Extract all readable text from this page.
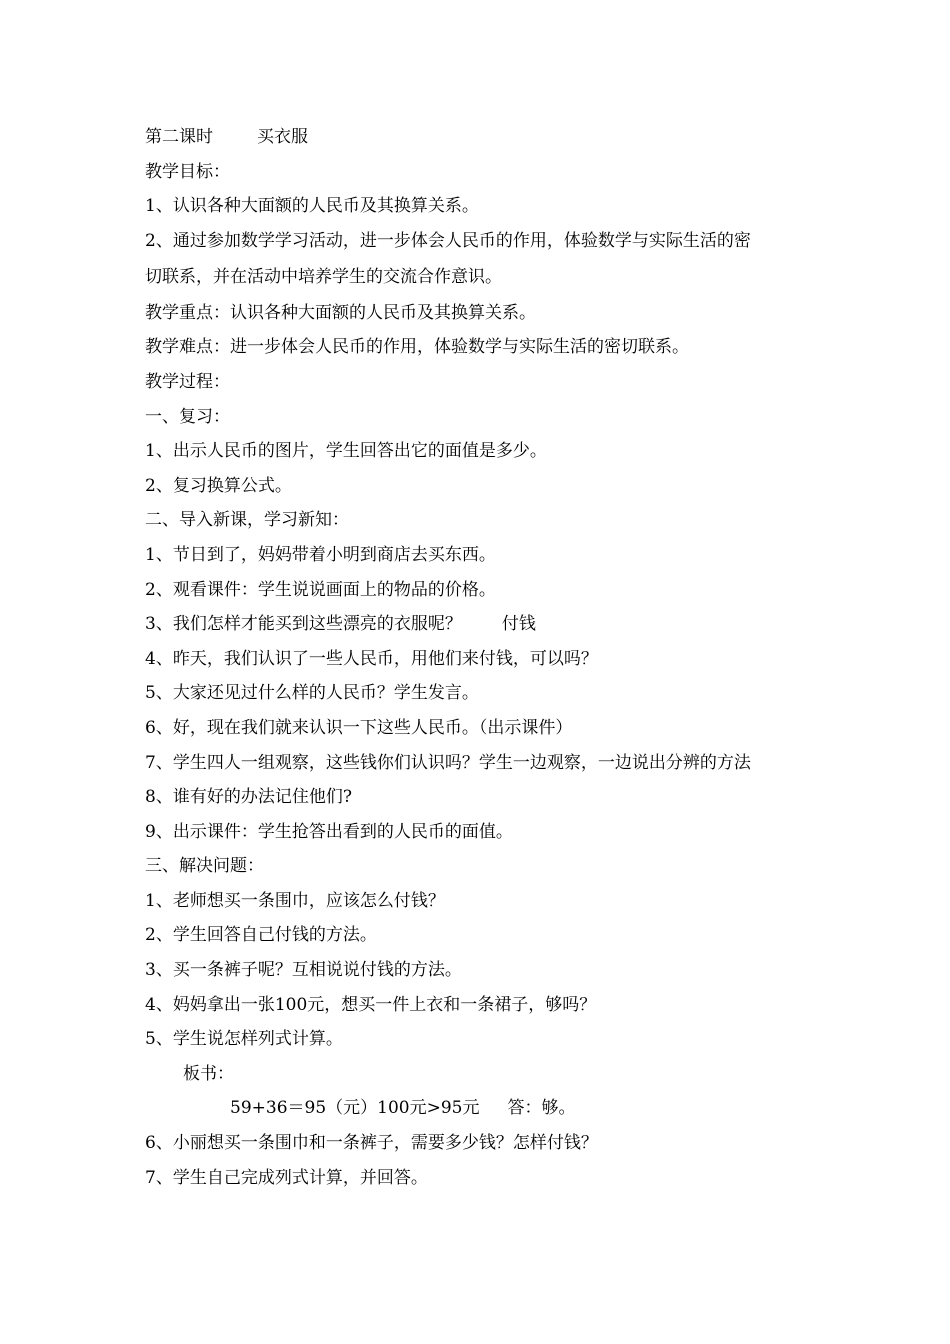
第二课时	买衣服
教学目标：
1、认识各种大面额的人民币及其换算关系。
2、通过参加数学学习活动，进一步体会人民币的作用，体验数学与实际生活的密
切联系，并在活动中培养学生的交流合作意识。
教学重点：认识各种大面额的人民币及其换算关系。
教学难点：进一步体会人民币的作用，体验数学与实际生活的密切联系。
教学过程：
一、复习：
1、出示人民币的图片，学生回答出它的面值是多少。
2、复习换算公式。
二、导入新课，学习新知：
1、节日到了，妈妈带着小明到商店去买东西。
2、观看课件：学生说说画面上的物品的价格。
3、我们怎样才能买到这些漂亮的衣服呢？ 付钱
4、昨天，我们认识了一些人民币，用他们来付钱，可以吗？
5、大家还见过什么样的人民币？学生发言。
6、好，现在我们就来认识一下这些人民币。（出示课件）
7、学生四人一组观察，这些钱你们认识吗？学生一边观察，一边说出分辨的方法
8、谁有好的办法记住他们?
9、出示课件：学生抢答出看到的人民币的面值。
三、解决问题：
1、老师想买一条围巾，应该怎么付钱？
2、学生回答自己付钱的方法。
3、买一条裤子呢？互相说说付钱的方法。
4、妈妈拿出一张100元，想买一件上衣和一条裙子，够吗？
5、学生说怎样列式计算。
板书：
59+36＝95（元）100元>95元 答：够。
6、小丽想买一条围巾和一条裤子，需要多少钱？怎样付钱？
7、学生自己完成列式计算，并回答。
